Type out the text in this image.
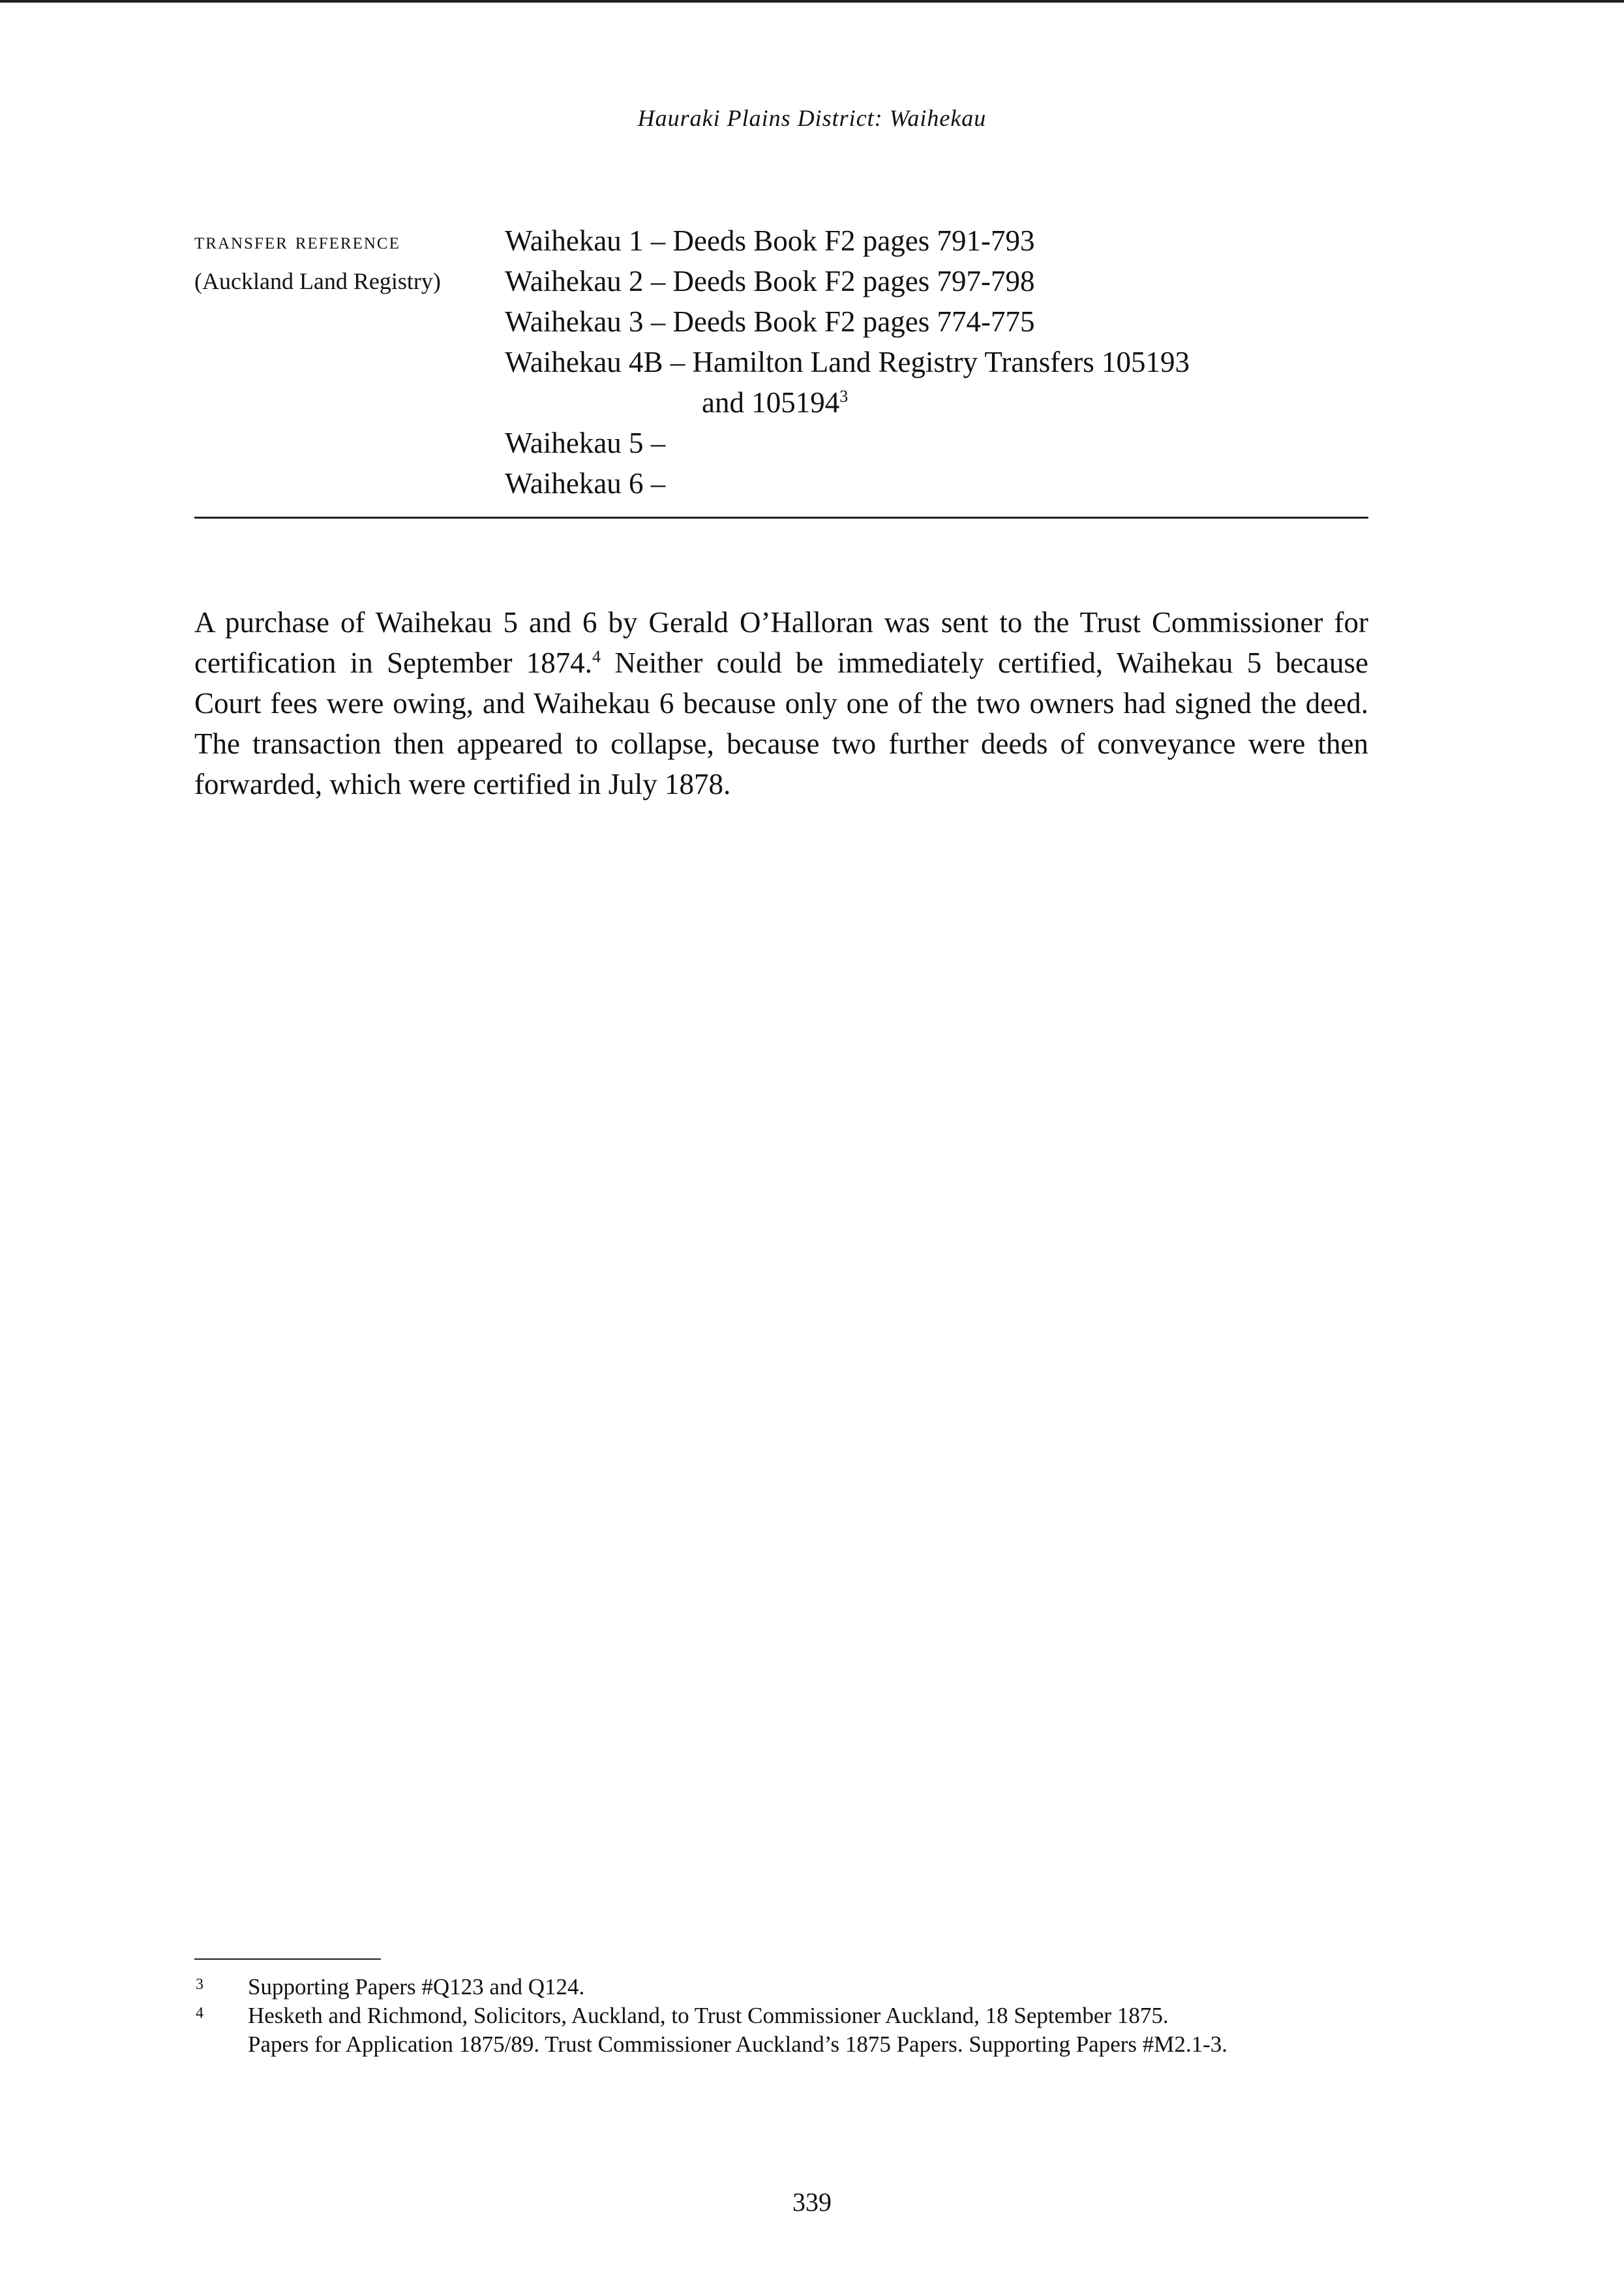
Hauraki Plains District: Waihekau
transfer reference
(Auckland Land Registry)
Waihekau 1 – Deeds Book F2 pages 791-793
Waihekau 2 – Deeds Book F2 pages 797-798
Waihekau 3 – Deeds Book F2 pages 774-775
Waihekau 4B – Hamilton Land Registry Transfers 105193
and 105194$^3$
Waihekau 5 –
Waihekau 6 –

A purchase of Waihekau 5 and 6 by Gerald O’Halloran was sent to the Trust Commissioner for certification in September 1874.$^4$ Neither could be immediately certified, Waihekau 5 because Court fees were owing, and Waihekau 6 because only one of the two owners had signed the deed. The transaction then appeared to collapse, because two further deeds of conveyance were then forwarded, which were certified in July 1878.

3 Supporting Papers #Q123 and Q124.
4 Hesketh and Richmond, Solicitors, Auckland, to Trust Commissioner Auckland, 18 September 1875.
Papers for Application 1875/89. Trust Commissioner Auckland’s 1875 Papers. Supporting Papers #M2.1-3.
339
